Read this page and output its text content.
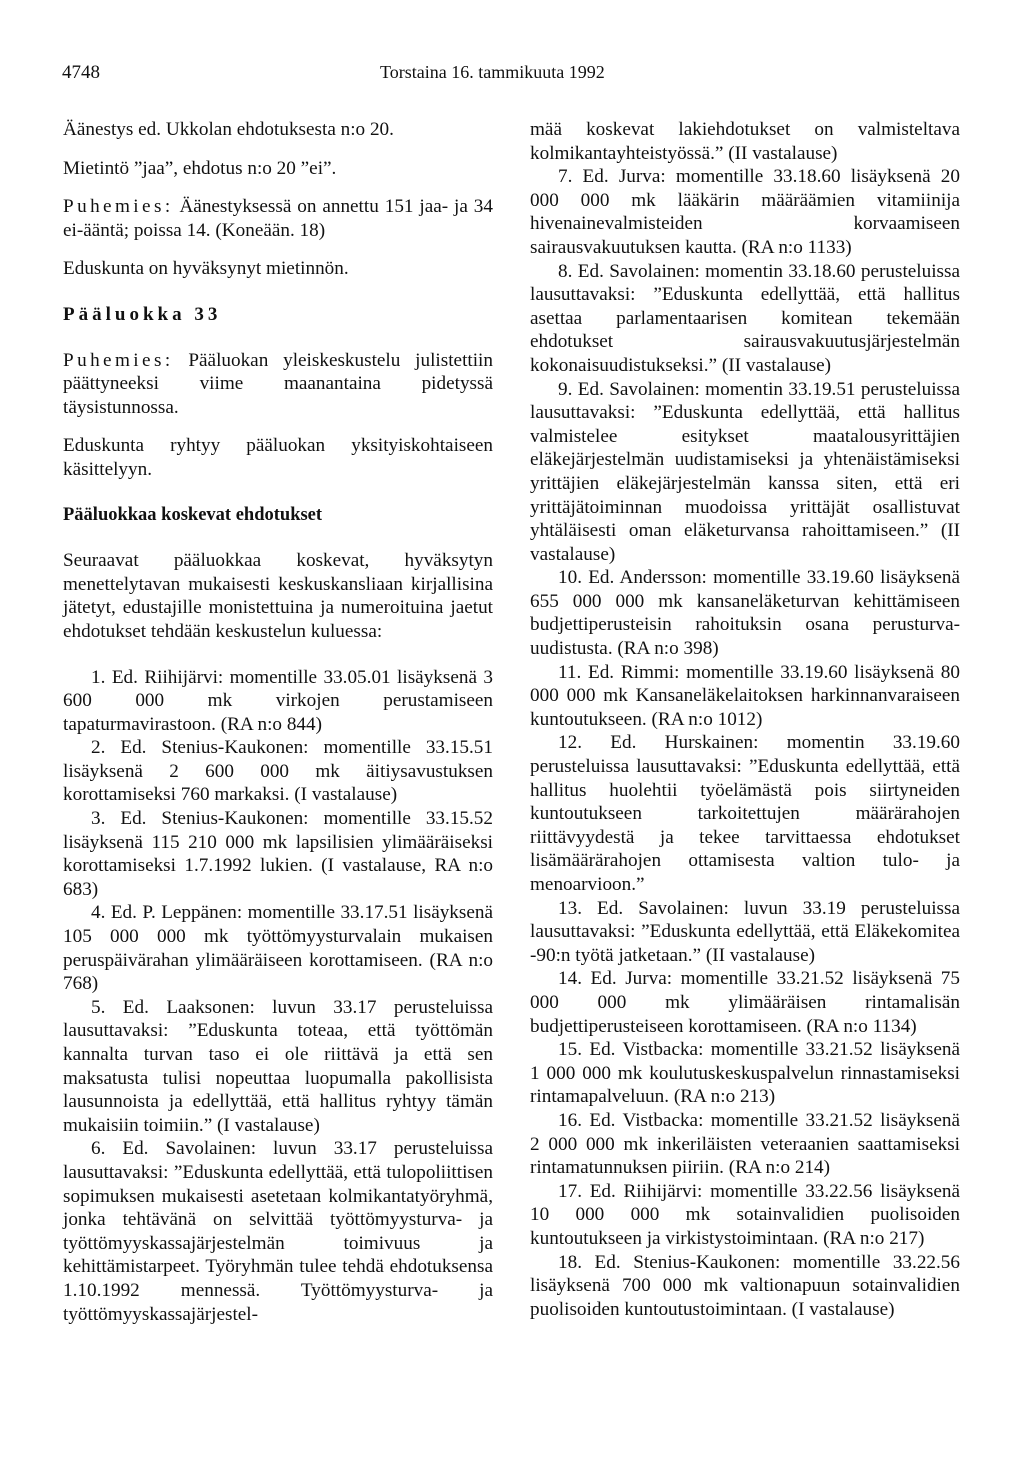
4748	Torstaina 16. tammikuuta 1992

Äänestys ed. Ukkolan ehdotuksesta n:o 20.

Mietintö ”jaa”, ehdotus n:o 20 ”ei”.

Puhemies: Äänestyksessä on annettu 151 jaa- ja 34 ei-ääntä; poissa 14. (Koneään. 18)

Eduskunta on hyväksynyt mietinnön.

Pääluokka 33

Puhemies: Pääluokan yleiskeskustelu julistettiin päättyneeksi viime maanantaina pidetyssä täysistunnossa.

Eduskunta ryhtyy pääluokan yksityiskohtaiseen käsittelyyn.

Pääluokkaa koskevat ehdotukset

Seuraavat pääluokkaa koskevat, hyväksytyn menettelytavan mukaisesti keskuskansliaan kirjallisina jätetyt, edustajille monistettuina ja numeroituina jaetut ehdotukset tehdään keskustelun kuluessa:

1. Ed. Riihijärvi: momentille 33.05.01 lisäyksenä 3 600 000 mk virkojen perustamiseen tapaturmavirastoon. (RA n:o 844)

2. Ed. Stenius-Kaukonen: momentille 33.15.51 lisäyksenä 2 600 000 mk äitiysavustuksen korottamiseksi 760 markaksi. (I vastalause)

3. Ed. Stenius-Kaukonen: momentille 33.15.52 lisäyksenä 115 210 000 mk lapsilisien ylimääräiseksi korottamiseksi 1.7.1992 lukien. (I vastalause, RA n:o 683)

4. Ed. P. Leppänen: momentille 33.17.51 lisäyksenä 105 000 000 mk työttömyysturvalain mukaisen peruspäivärahan ylimääräiseen korottamiseen. (RA n:o 768)

5. Ed. Laaksonen: luvun 33.17 perusteluissa lausuttavaksi: ”Eduskunta toteaa, että työttömän kannalta turvan taso ei ole riittävä ja että sen maksatusta tulisi nopeuttaa luopumalla pakollisista lausunnoista ja edellyttää, että hallitus ryhtyy tämän mukaisiin toimiin.” (I vastalause)

6. Ed. Savolainen: luvun 33.17 perusteluissa lausuttavaksi: ”Eduskunta edellyttää, että tulopoliittisen sopimuksen mukaisesti asetetaan kolmikantatyöryhmä, jonka tehtävänä on selvittää työttömyysturva- ja työttömyyskassajärjestelmän toimivuus ja kehittämistarpeet. Työryhmän tulee tehdä ehdotuksensa 1.10.1992 mennessä. Työttömyysturva- ja työttömyyskassajärjestel-

mää koskevat lakiehdotukset on valmisteltava kolmikantayhteistyössä.” (II vastalause)

7. Ed. Jurva: momentille 33.18.60 lisäyksenä 20 000 000 mk lääkärin määräämien vitamiinija hivenainevalmisteiden korvaamiseen sairausvakuutuksen kautta. (RA n:o 1133)

8. Ed. Savolainen: momentin 33.18.60 perusteluissa lausuttavaksi: ”Eduskunta edellyttää, että hallitus asettaa parlamentaarisen komitean tekemään ehdotukset sairausvakuutusjärjestelmän kokonaisuudistukseksi.” (II vastalause)

9. Ed. Savolainen: momentin 33.19.51 perusteluissa lausuttavaksi: ”Eduskunta edellyttää, että hallitus valmistelee esitykset maatalousyrittäjien eläkejärjestelmän uudistamiseksi ja yhtenäistämiseksi yrittäjien eläkejärjestelmän kanssa siten, että eri yrittäjätoiminnan muodoissa yrittäjät osallistuvat yhtäläisesti oman eläketurvansa rahoittamiseen.” (II vastalause)

10. Ed. Andersson: momentille 33.19.60 lisäyksenä 655 000 000 mk kansaneläketurvan kehittämiseen budjettiperusteisin rahoituksin osana perusturva-uudistusta. (RA n:o 398)

11. Ed. Rimmi: momentille 33.19.60 lisäyksenä 80 000 000 mk Kansaneläkelaitoksen harkinnanvaraiseen kuntoutukseen. (RA n:o 1012)

12. Ed. Hurskainen: momentin 33.19.60 perusteluissa lausuttavaksi: ”Eduskunta edellyttää, että hallitus huolehtii työelämästä pois siirtyneiden kuntoutukseen tarkoitettujen määrärahojen riittävyydestä ja tekee tarvittaessa ehdotukset lisämäärärahojen ottamisesta valtion tulo- ja menoarvioon.”

13. Ed. Savolainen: luvun 33.19 perusteluissa lausuttavaksi: ”Eduskunta edellyttää, että Eläkekomitea -90:n työtä jatketaan.” (II vastalause)

14. Ed. Jurva: momentille 33.21.52 lisäyksenä 75 000 000 mk ylimääräisen rintamalisän budjettiperusteiseen korottamiseen. (RA n:o 1134)

15. Ed. Vistbacka: momentille 33.21.52 lisäyksenä 1 000 000 mk koulutuskeskuspalvelun rinnastamiseksi rintamapalveluun. (RA n:o 213)

16. Ed. Vistbacka: momentille 33.21.52 lisäyksenä 2 000 000 mk inkeriläisten veteraanien saattamiseksi rintamatunnuksen piiriin. (RA n:o 214)

17. Ed. Riihijärvi: momentille 33.22.56 lisäyksenä 10 000 000 mk sotainvalidien puolisoiden kuntoutukseen ja virkistystoimintaan. (RA n:o 217)

18. Ed. Stenius-Kaukonen: momentille 33.22.56 lisäyksenä 700 000 mk valtionapuun sotainvalidien puolisoiden kuntoutustoimintaan. (I vastalause)
